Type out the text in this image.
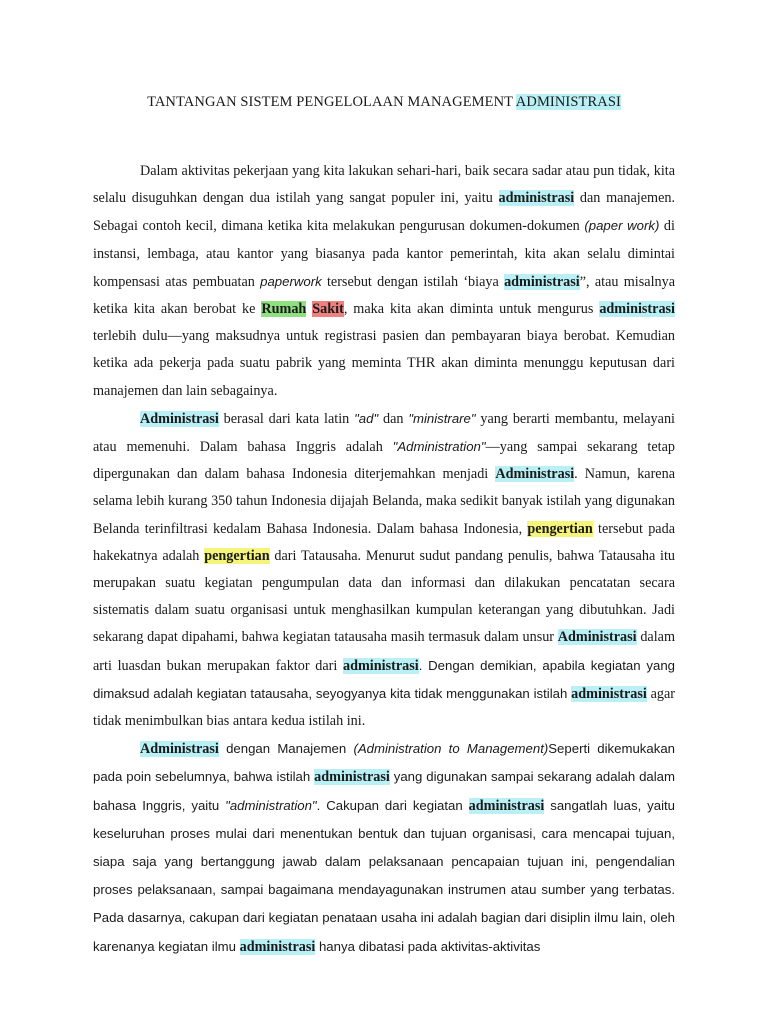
TANTANGAN SISTEM PENGELOLAAN MANAGEMENT ADMINISTRASI

Dalam aktivitas pekerjaan yang kita lakukan sehari-hari, baik secara sadar atau pun tidak, kita selalu disuguhkan dengan dua istilah yang sangat populer ini, yaitu administrasi dan manajemen. Sebagai contoh kecil, dimana ketika kita melakukan pengurusan dokumen-dokumen (paper work) di instansi, lembaga, atau kantor yang biasanya pada kantor pemerintah, kita akan selalu dimintai kompensasi atas pembuatan paperwork tersebut dengan istilah ‘biaya administrasi”, atau misalnya ketika kita akan berobat ke Rumah Sakit, maka kita akan diminta untuk mengurus administrasi terlebih dulu—yang maksudnya untuk registrasi pasien dan pembayaran biaya berobat. Kemudian ketika ada pekerja pada suatu pabrik yang meminta THR akan diminta menunggu keputusan dari manajemen dan lain sebagainya.

Administrasi berasal dari kata latin "ad" dan "ministrare" yang berarti membantu, melayani atau memenuhi. Dalam bahasa Inggris adalah "Administration"—yang sampai sekarang tetap dipergunakan dan dalam bahasa Indonesia diterjemahkan menjadi Administrasi. Namun, karena selama lebih kurang 350 tahun Indonesia dijajah Belanda, maka sedikit banyak istilah yang digunakan Belanda terinfiltrasi kedalam Bahasa Indonesia. Dalam bahasa Indonesia, pengertian tersebut pada hakekatnya adalah pengertian dari Tatausaha. Menurut sudut pandang penulis, bahwa Tatausaha itu merupakan suatu kegiatan pengumpulan data dan informasi dan dilakukan pencatatan secara sistematis dalam suatu organisasi untuk menghasilkan kumpulan keterangan yang dibutuhkan. Jadi sekarang dapat dipahami, bahwa kegiatan tatausaha masih termasuk dalam unsur Administrasi dalam arti luasdan bukan merupakan faktor dari administrasi. Dengan demikian, apabila kegiatan yang dimaksud adalah kegiatan tatausaha, seyogyanya kita tidak menggunakan istilah administrasi agar tidak menimbulkan bias antara kedua istilah ini.

Administrasi dengan Manajemen (Administration to Management)Seperti dikemukakan pada poin sebelumnya, bahwa istilah administrasi yang digunakan sampai sekarang adalah dalam bahasa Inggris, yaitu "administration". Cakupan dari kegiatan administrasi sangatlah luas, yaitu keseluruhan proses mulai dari menentukan bentuk dan tujuan organisasi, cara mencapai tujuan, siapa saja yang bertanggung jawab dalam pelaksanaan pencapaian tujuan ini, pengendalian proses pelaksanaan, sampai bagaimana mendayagunakan instrumen atau sumber yang terbatas. Pada dasarnya, cakupan dari kegiatan penataan usaha ini adalah bagian dari disiplin ilmu lain, oleh karenanya kegiatan ilmu administrasi hanya dibatasi pada aktivitas-aktivitas
